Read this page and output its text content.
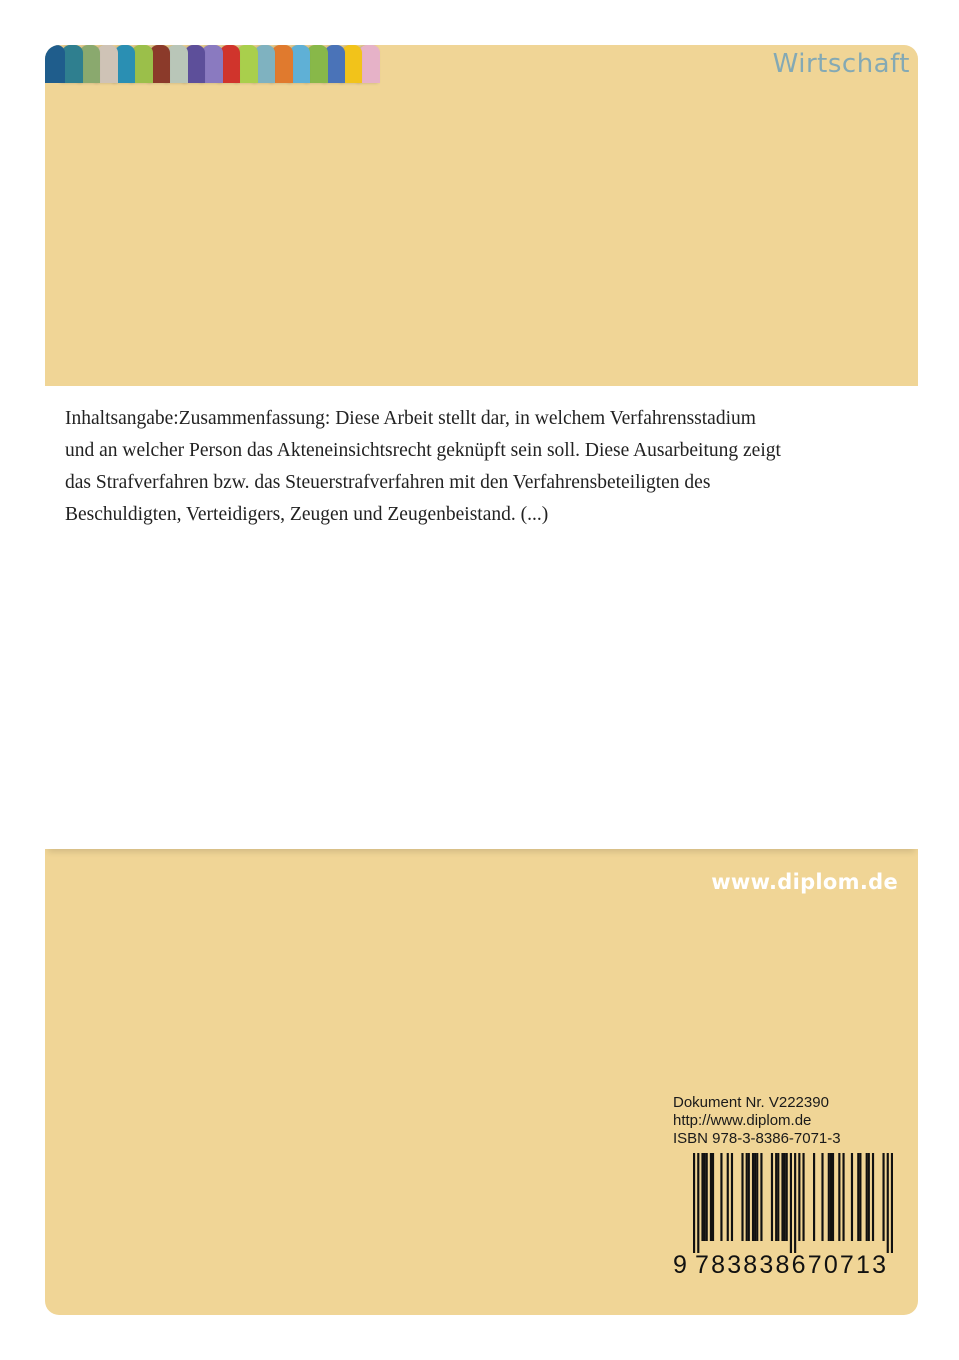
Wirtschaft

Inhaltsangabe:Zusammenfassung: Diese Arbeit stellt dar, in welchem Verfahrensstadium und an welcher Person das Akteneinsichtsrecht geknüpft sein soll. Diese Ausarbeitung zeigt das Strafverfahren bzw. das Steuerstrafverfahren mit den Verfahrensbeteiligten des Beschuldigten, Verteidigers, Zeugen und Zeugenbeistand. (...)

www.diplom.de
Dokument Nr. V222390
http://www.diplom.de
ISBN 978-3-8386-7071-3
9 783838670713
